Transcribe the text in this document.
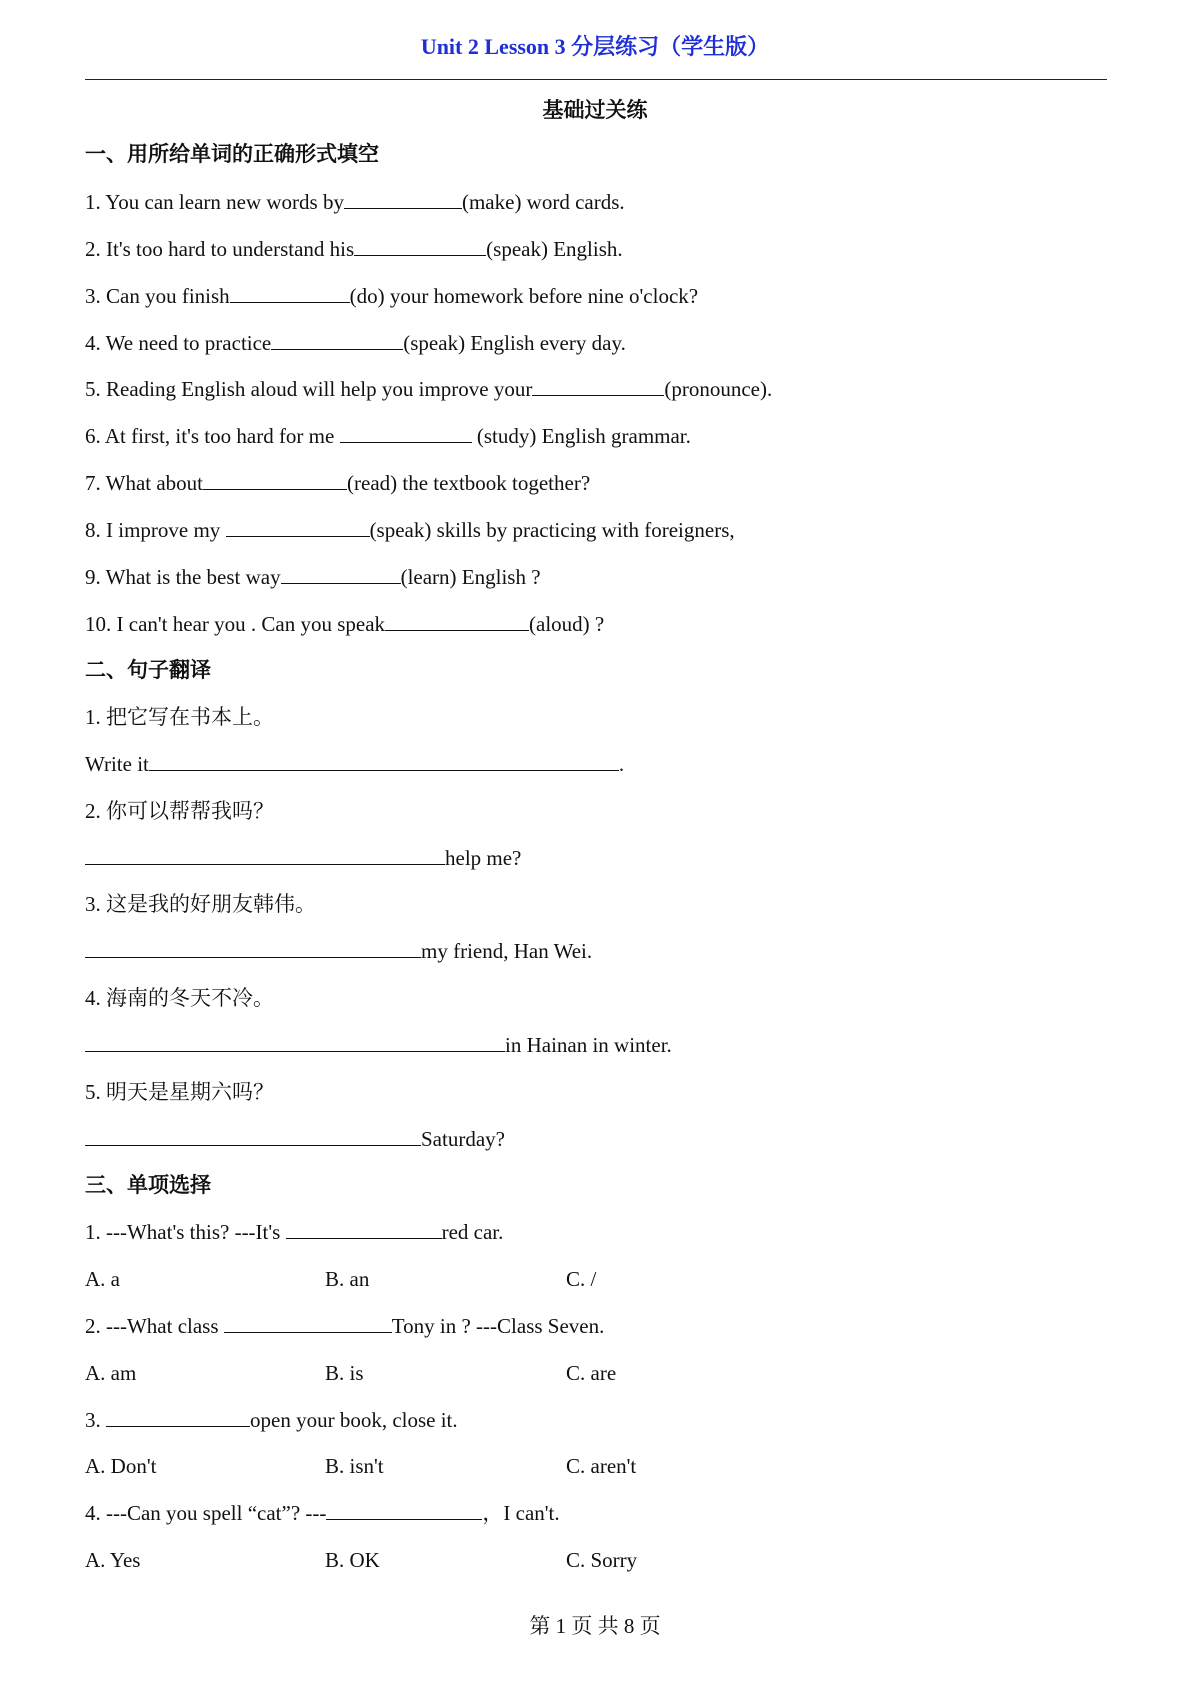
Unit 2 Lesson 3 分层练习（学生版）
基础过关练
一、用所给单词的正确形式填空
1. You can learn new words by	(make) word cards.
2. It's too hard to understand his	(speak) English.
3. Can you finish	(do) your homework before nine o'clock?
4. We need to practice	(speak) English every day.
5. Reading English aloud will help you improve your	(pronounce).
6. At first, it's too hard for me	(study) English grammar.
7. What about	(read) the textbook together?
8. I improve my	(speak) skills by practicing with foreigners,
9. What is the best way	(learn) English ?
10. I can't hear you . Can you speak	(aloud) ?
二、句子翻译
1. 把它写在书本上。
Write it	.
2. 你可以帮帮我吗？
help me?
3. 这是我的好朋友韩伟。
my friend, Han Wei.
4. 海南的冬天不冷。
in Hainan in winter.
5. 明天是星期六吗？
Saturday?
三、单项选择
1. ---What's this? ---It's	red car.
A. a	B. an	C. /
2. ---What class	Tony in ? ---Class Seven.
A. am	B. is	C. are
3.	open your book, close it.
A. Don't	B. isn't	C. aren't
4. ---Can you spell “cat”? ---	，I can't.
A. Yes	B. OK	C. Sorry
第 1 页 共 8 页
